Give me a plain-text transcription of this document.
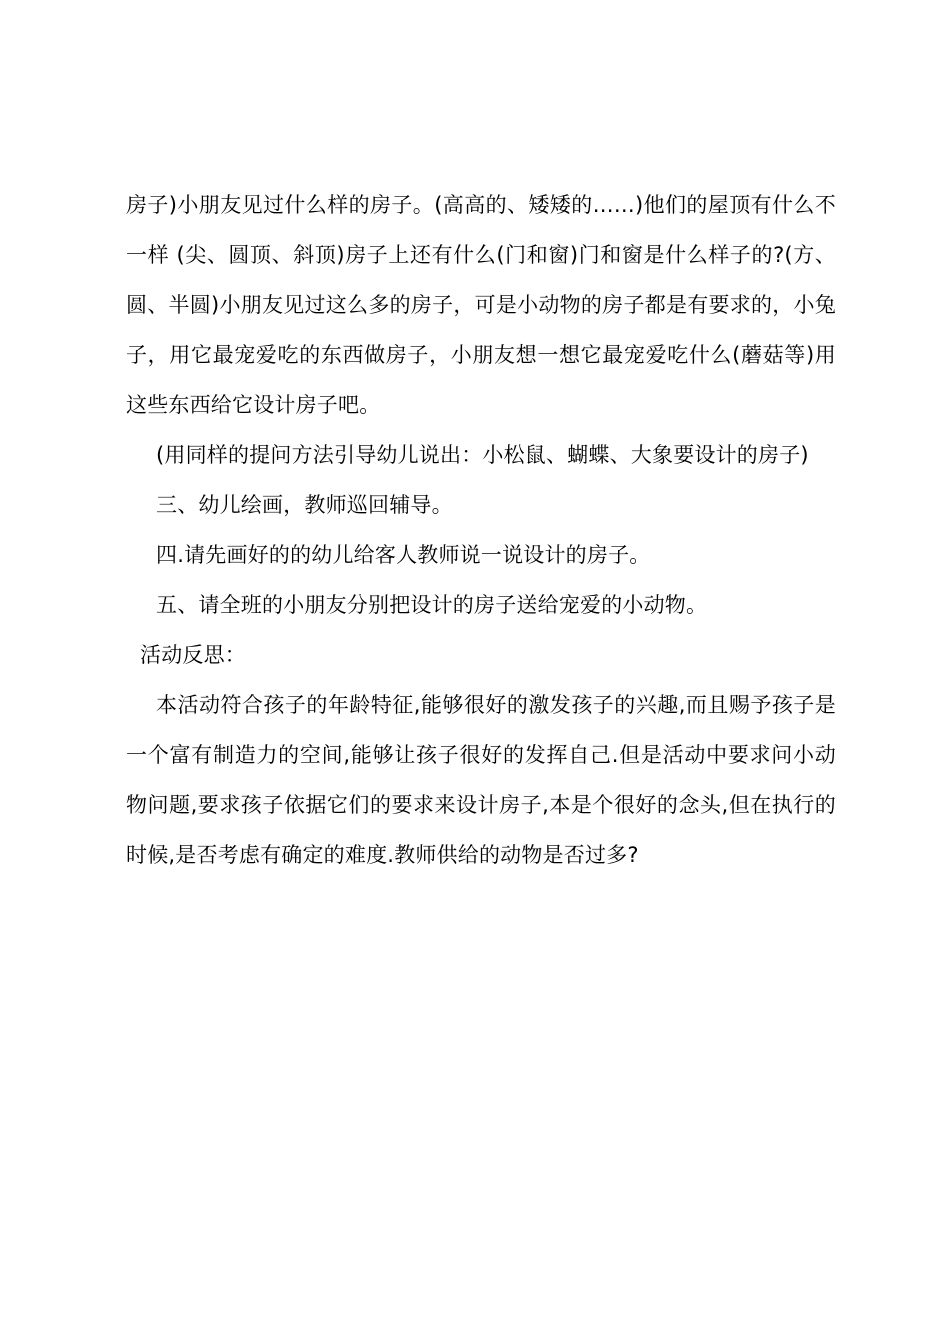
房子)小朋友见过什么样的房子。(高高的、矮矮的……)他们的屋顶有什么不一样 (尖、圆顶、斜顶)房子上还有什么(门和窗)门和窗是什么样子的?(方、圆、半圆)小朋友见过这么多的房子，可是小动物的房子都是有要求的，小兔子，用它最宠爱吃的东西做房子，小朋友想一想它最宠爱吃什么(蘑菇等)用这些东西给它设计房子吧。

(用同样的提问方法引导幼儿说出：小松鼠、蝴蝶、大象要设计的房子)

三、幼儿绘画，教师巡回辅导。

四.请先画好的的幼儿给客人教师说一说设计的房子。

五、请全班的小朋友分别把设计的房子送给宠爱的小动物。

活动反思：

本活动符合孩子的年龄特征,能够很好的激发孩子的兴趣,而且赐予孩子是一个富有制造力的空间,能够让孩子很好的发挥自己.但是活动中要求问小动物问题,要求孩子依据它们的要求来设计房子,本是个很好的念头,但在执行的时候,是否考虑有确定的难度.教师供给的动物是否过多?
